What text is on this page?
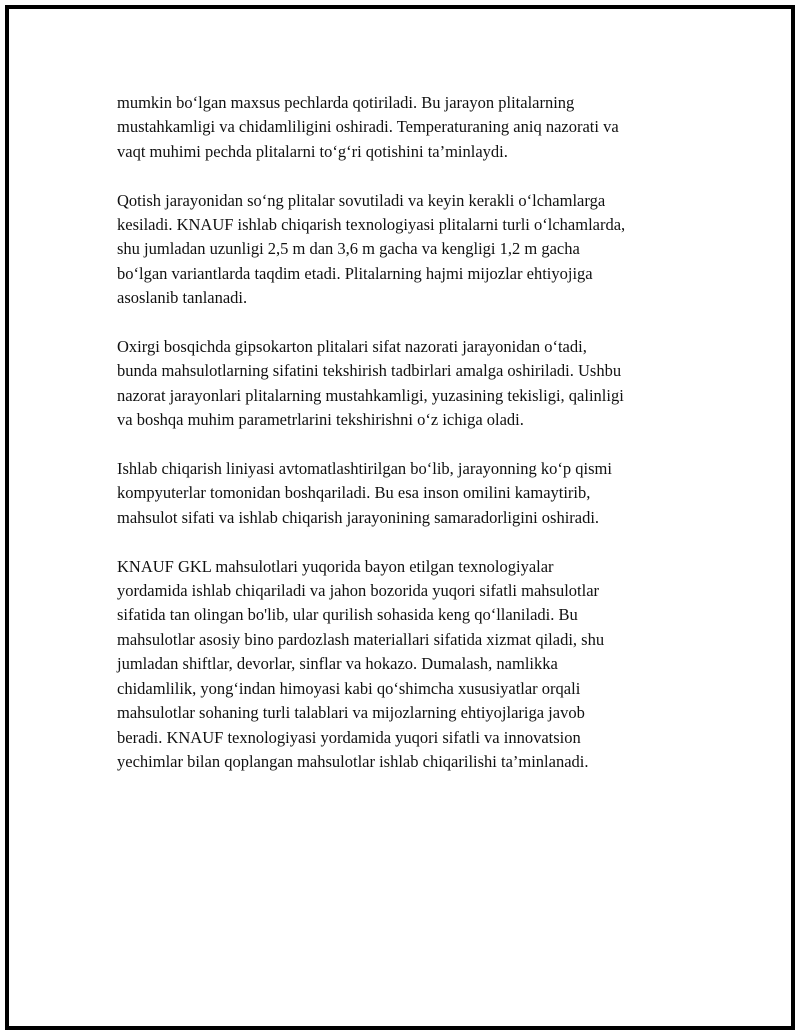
mumkin bo‘lgan maxsus pechlarda qotiriladi. Bu jarayon plitalarning
mustahkamligi va chidamliligini oshiradi. Temperaturaning aniq nazorati va
vaqt muhimi pechda plitalarni to‘g‘ri qotishini ta’minlaydi.

Qotish jarayonidan so‘ng plitalar sovutiladi va keyin kerakli o‘lchamlarga
kesiladi. KNAUF ishlab chiqarish texnologiyasi plitalarni turli o‘lchamlarda,
shu jumladan uzunligi 2,5 m dan 3,6 m gacha va kengligi 1,2 m gacha
bo‘lgan variantlarda taqdim etadi. Plitalarning hajmi mijozlar ehtiyojiga
asoslanib tanlanadi.

Oxirgi bosqichda gipsokarton plitalari sifat nazorati jarayonidan o‘tadi,
bunda mahsulotlarning sifatini tekshirish tadbirlari amalga oshiriladi. Ushbu
nazorat jarayonlari plitalarning mustahkamligi, yuzasining tekisligi, qalinligi
va boshqa muhim parametrlarini tekshirishni o‘z ichiga oladi.

Ishlab chiqarish liniyasi avtomatlashtirilgan bo‘lib, jarayonning ko‘p qismi
kompyuterlar tomonidan boshqariladi. Bu esa inson omilini kamaytirib,
mahsulot sifati va ishlab chiqarish jarayonining samaradorligini oshiradi.

KNAUF GKL mahsulotlari yuqorida bayon etilgan texnologiyalar
yordamida ishlab chiqariladi va jahon bozorida yuqori sifatli mahsulotlar
sifatida tan olingan bo'lib, ular qurilish sohasida keng qo‘llaniladi. Bu
mahsulotlar asosiy bino pardozlash materiallari sifatida xizmat qiladi, shu
jumladan shiftlar, devorlar, sinflar va hokazo. Dumalash, namlikka
chidamlilik, yong‘indan himoyasi kabi qo‘shimcha xususiyatlar orqali
mahsulotlar sohaning turli talablari va mijozlarning ehtiyojlariga javob
beradi. KNAUF texnologiyasi yordamida yuqori sifatli va innovatsion
yechimlar bilan qoplangan mahsulotlar ishlab chiqarilishi ta’minlanadi.
